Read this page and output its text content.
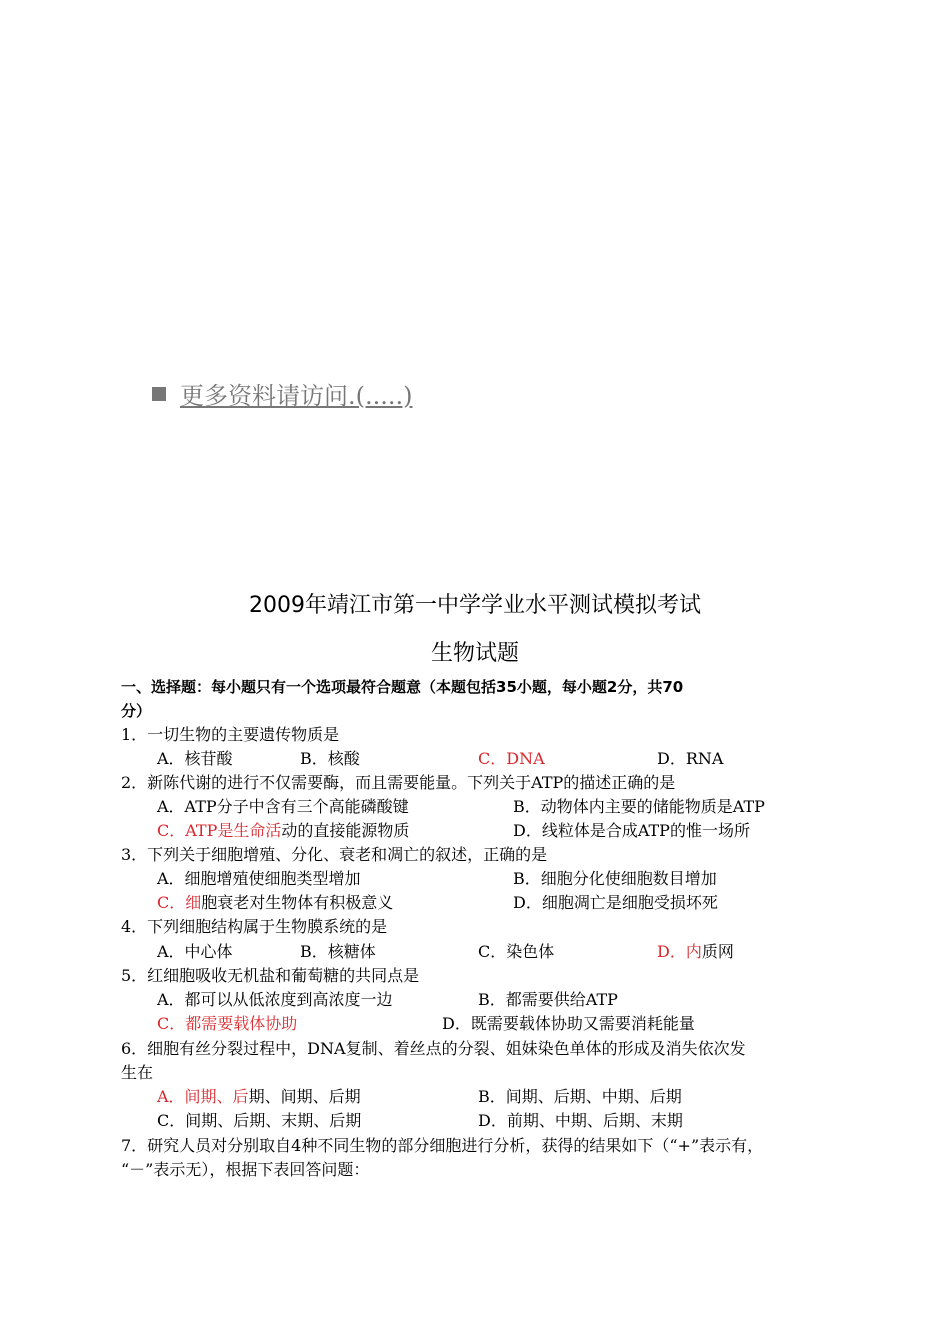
更多资料请访问.(.....)
2009年靖江市第一中学学业水平测试模拟考试
生物试题
一、选择题：每小题只有一个选项最符合题意（本题包括35小题，每小题2分，共70
分）
1．一切生物的主要遗传物质是
A．核苷酸	B．核酸	C．DNA	D．RNA
2．新陈代谢的进行不仅需要酶，而且需要能量。下列关于ATP的描述正确的是
A．ATP分子中含有三个高能磷酸键	B．动物体内主要的储能物质是ATP
C．ATP是生命活动的直接能源物质	D．线粒体是合成ATP的惟一场所
3．下列关于细胞增殖、分化、衰老和凋亡的叙述，正确的是
A．细胞增殖使细胞类型增加	B．细胞分化使细胞数目增加
C．细胞衰老对生物体有积极意义	D．细胞凋亡是细胞受损坏死
4．下列细胞结构属于生物膜系统的是
A．中心体	B．核糖体	C．染色体	D．内质网
5．红细胞吸收无机盐和葡萄糖的共同点是
A．都可以从低浓度到高浓度一边	B．都需要供给ATP
C．都需要载体协助	D．既需要载体协助又需要消耗能量
6．细胞有丝分裂过程中，DNA复制、着丝点的分裂、姐妹染色单体的形成及消失依次发
生在
A．间期、后期、间期、后期	B．间期、后期、中期、后期
C．间期、后期、末期、后期	D．前期、中期、后期、末期
7．研究人员对分别取自4种不同生物的部分细胞进行分析，获得的结果如下（“+”表示有，
“－”表示无），根据下表回答问题：
